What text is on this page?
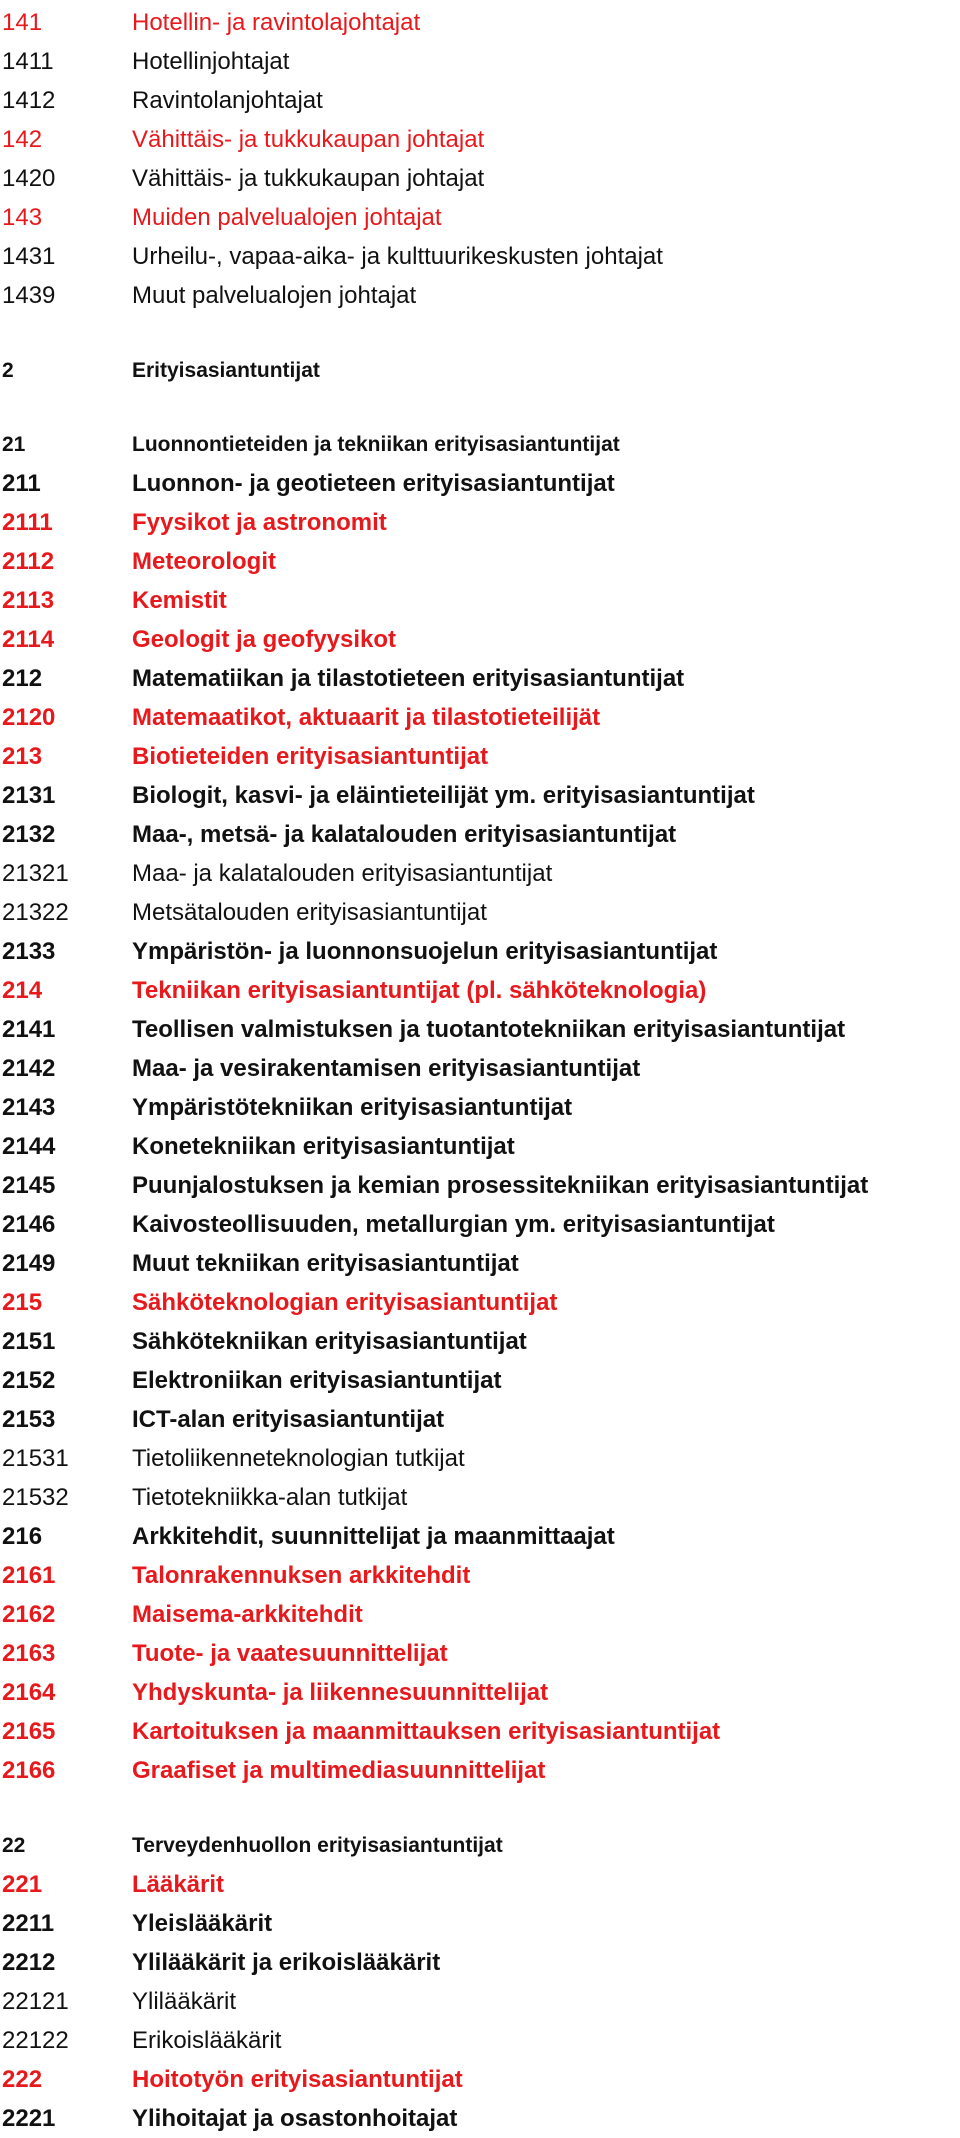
141	Hotellin- ja ravintolajohtajat
1411	Hotellinjohtajat
1412	Ravintolanjohtajat
142	Vähittäis- ja tukkukaupan johtajat
1420	Vähittäis- ja tukkukaupan johtajat
143	Muiden palvelualojen johtajat
1431	Urheilu-, vapaa-aika- ja kulttuurikeskusten johtajat
1439	Muut palvelualojen johtajat
2	Erityisasiantuntijat
21	Luonnontieteiden ja tekniikan erityisasiantuntijat
211	Luonnon- ja geotieteen erityisasiantuntijat
2111	Fyysikot ja astronomit
2112	Meteorologit
2113	Kemistit
2114	Geologit ja geofyysikot
212	Matematiikan ja tilastotieteen erityisasiantuntijat
2120	Matemaatikot, aktuaarit ja tilastotieteilijät
213	Biotieteiden erityisasiantuntijat
2131	Biologit, kasvi- ja eläintieteilijät ym. erityisasiantuntijat
2132	Maa-, metsä- ja kalatalouden erityisasiantuntijat
21321	Maa- ja kalatalouden erityisasiantuntijat
21322	Metsätalouden erityisasiantuntijat
2133	Ympäristön- ja luonnonsuojelun erityisasiantuntijat
214	Tekniikan erityisasiantuntijat (pl. sähköteknologia)
2141	Teollisen valmistuksen ja tuotantotekniikan erityisasiantuntijat
2142	Maa- ja vesirakentamisen erityisasiantuntijat
2143	Ympäristötekniikan erityisasiantuntijat
2144	Konetekniikan erityisasiantuntijat
2145	Puunjalostuksen ja kemian prosessitekniikan erityisasiantuntijat
2146	Kaivosteollisuuden, metallurgian ym. erityisasiantuntijat
2149	Muut tekniikan erityisasiantuntijat
215	Sähköteknologian erityisasiantuntijat
2151	Sähkötekniikan erityisasiantuntijat
2152	Elektroniikan erityisasiantuntijat
2153	ICT-alan erityisasiantuntijat
21531	Tietoliikenneteknologian tutkijat
21532	Tietotekniikka-alan tutkijat
216	Arkkitehdit, suunnittelijat ja maanmittaajat
2161	Talonrakennuksen arkkitehdit
2162	Maisema-arkkitehdit
2163	Tuote- ja vaatesuunnittelijat
2164	Yhdyskunta- ja liikennesuunnittelijat
2165	Kartoituksen ja maanmittauksen erityisasiantuntijat
2166	Graafiset ja multimediasuunnittelijat
22	Terveydenhuollon erityisasiantuntijat
221	Lääkärit
2211	Yleislääkärit
2212	Ylilääkärit ja erikoislääkärit
22121	Ylilääkärit
22122	Erikoislääkärit
222	Hoitotyön erityisasiantuntijat
2221	Ylihoitajat ja osastonhoitajat
